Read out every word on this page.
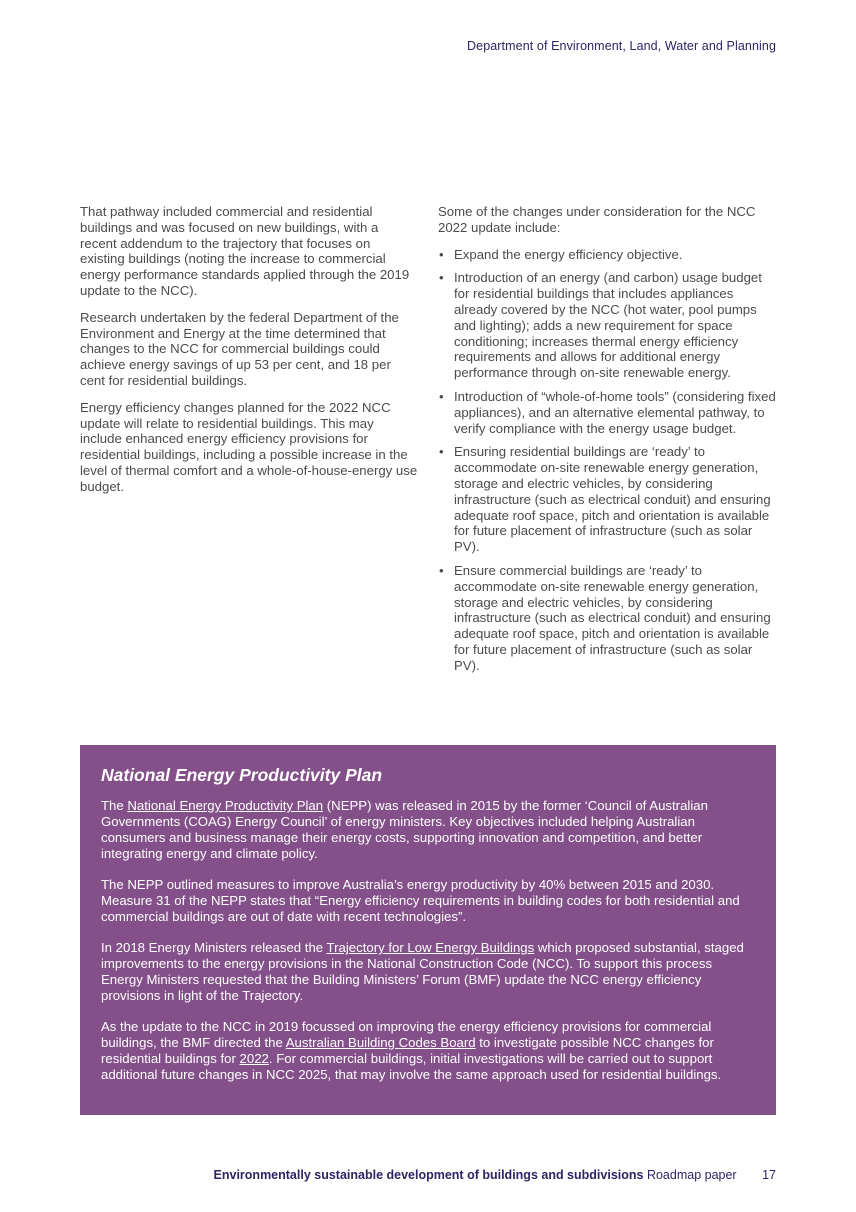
Department of Environment, Land, Water and Planning

That pathway included commercial and residential buildings and was focused on new buildings, with a recent addendum to the trajectory that focuses on existing buildings (noting the increase to commercial energy performance standards applied through the 2019 update to the NCC).

Research undertaken by the federal Department of the Environment and Energy at the time determined that changes to the NCC for commercial buildings could achieve energy savings of up 53 per cent, and 18 per cent for residential buildings.

Energy efficiency changes planned for the 2022 NCC update will relate to residential buildings. This may include enhanced energy efficiency provisions for residential buildings, including a possible increase in the level of thermal comfort and a whole-of-house-energy use budget.

Some of the changes under consideration for the NCC 2022 update include:

• Expand the energy efficiency objective.
• Introduction of an energy (and carbon) usage budget for residential buildings that includes appliances already covered by the NCC (hot water, pool pumps and lighting); adds a new requirement for space conditioning; increases thermal energy efficiency requirements and allows for additional energy performance through on-site renewable energy.
• Introduction of “whole-of-home tools” (considering fixed appliances), and an alternative elemental pathway, to verify compliance with the energy usage budget.
• Ensuring residential buildings are ‘ready’ to accommodate on-site renewable energy generation, storage and electric vehicles, by considering infrastructure (such as electrical conduit) and ensuring adequate roof space, pitch and orientation is available for future placement of infrastructure (such as solar PV).
• Ensure commercial buildings are ‘ready’ to accommodate on-site renewable energy generation, storage and electric vehicles, by considering infrastructure (such as electrical conduit) and ensuring adequate roof space, pitch and orientation is available for future placement of infrastructure (such as solar PV).
National Energy Productivity Plan

The National Energy Productivity Plan (NEPP) was released in 2015 by the former ‘Council of Australian Governments (COAG) Energy Council’ of energy ministers. Key objectives included helping Australian consumers and business manage their energy costs, supporting innovation and competition, and better integrating energy and climate policy.

The NEPP outlined measures to improve Australia’s energy productivity by 40% between 2015 and 2030. Measure 31 of the NEPP states that “Energy efficiency requirements in building codes for both residential and commercial buildings are out of date with recent technologies”.

In 2018 Energy Ministers released the Trajectory for Low Energy Buildings which proposed substantial, staged improvements to the energy provisions in the National Construction Code (NCC). To support this process Energy Ministers requested that the Building Ministers’ Forum (BMF) update the NCC energy efficiency provisions in light of the Trajectory.

As the update to the NCC in 2019 focussed on improving the energy efficiency provisions for commercial buildings, the BMF directed the Australian Building Codes Board to investigate possible NCC changes for residential buildings for 2022. For commercial buildings, initial investigations will be carried out to support additional future changes in NCC 2025, that may involve the same approach used for residential buildings.

Environmentally sustainable development of buildings and subdivisions Roadmap paper 17
